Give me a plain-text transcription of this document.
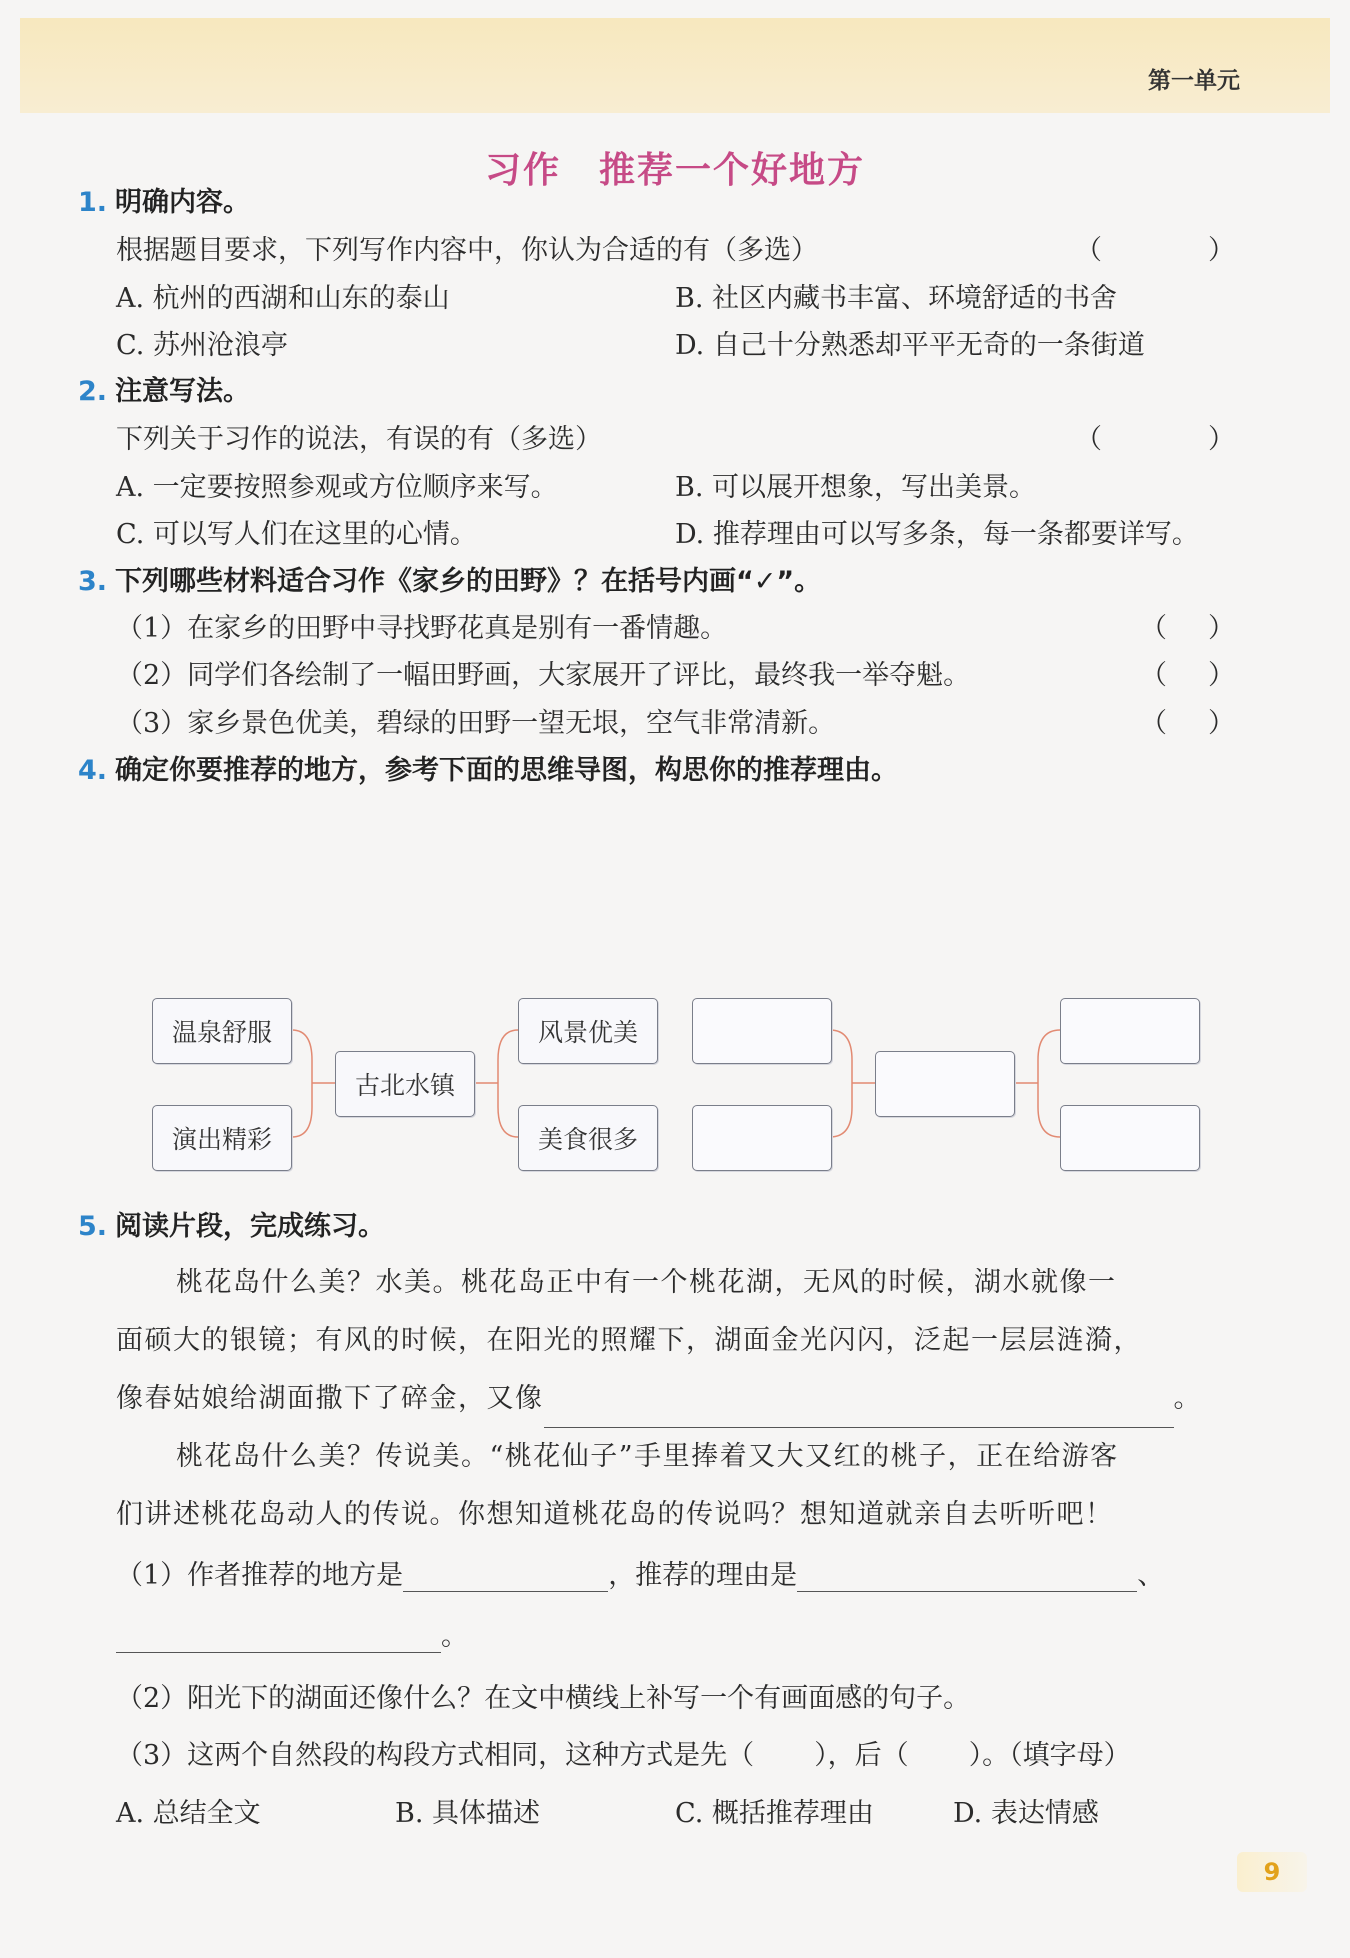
第一单元
习作　推荐一个好地方
1. 明确内容。
根据题目要求，下列写作内容中，你认为合适的有（多选）	（	）
A. 杭州的西湖和山东的泰山	B. 社区内藏书丰富、环境舒适的书舍
C. 苏州沧浪亭	D. 自己十分熟悉却平平无奇的一条街道
2. 注意写法。
下列关于习作的说法，有误的有（多选）	（	）
A. 一定要按照参观或方位顺序来写。	B. 可以展开想象，写出美景。
C. 可以写人们在这里的心情。	D. 推荐理由可以写多条，每一条都要详写。
3. 下列哪些材料适合习作《家乡的田野》？在括号内画“✓”。
（1）在家乡的田野中寻找野花真是别有一番情趣。	（ ）
（2）同学们各绘制了一幅田野画，大家展开了评比，最终我一举夺魁。	（ ）
（3）家乡景色优美，碧绿的田野一望无垠，空气非常清新。	（ ）
4. 确定你要推荐的地方，参考下面的思维导图，构思你的推荐理由。
温泉舒服
演出精彩
古北水镇
风景优美
美食很多
5. 阅读片段，完成练习。
桃花岛什么美？水美。桃花岛正中有一个桃花湖，无风的时候，湖水就像一
面硕大的银镜；有风的时候，在阳光的照耀下，湖面金光闪闪，泛起一层层涟漪，
像春姑娘给湖面撒下了碎金，又像	。
桃花岛什么美？传说美。“桃花仙子”手里捧着又大又红的桃子，正在给游客
们讲述桃花岛动人的传说。你想知道桃花岛的传说吗？想知道就亲自去听听吧！
（1）作者推荐的地方是	，推荐的理由是	、
。
（2）阳光下的湖面还像什么？在文中横线上补写一个有画面感的句子。
（3）这两个自然段的构段方式相同，这种方式是先（ ），后（ ）。（填字母）
A. 总结全文	B. 具体描述	C. 概括推荐理由	D. 表达情感
9
